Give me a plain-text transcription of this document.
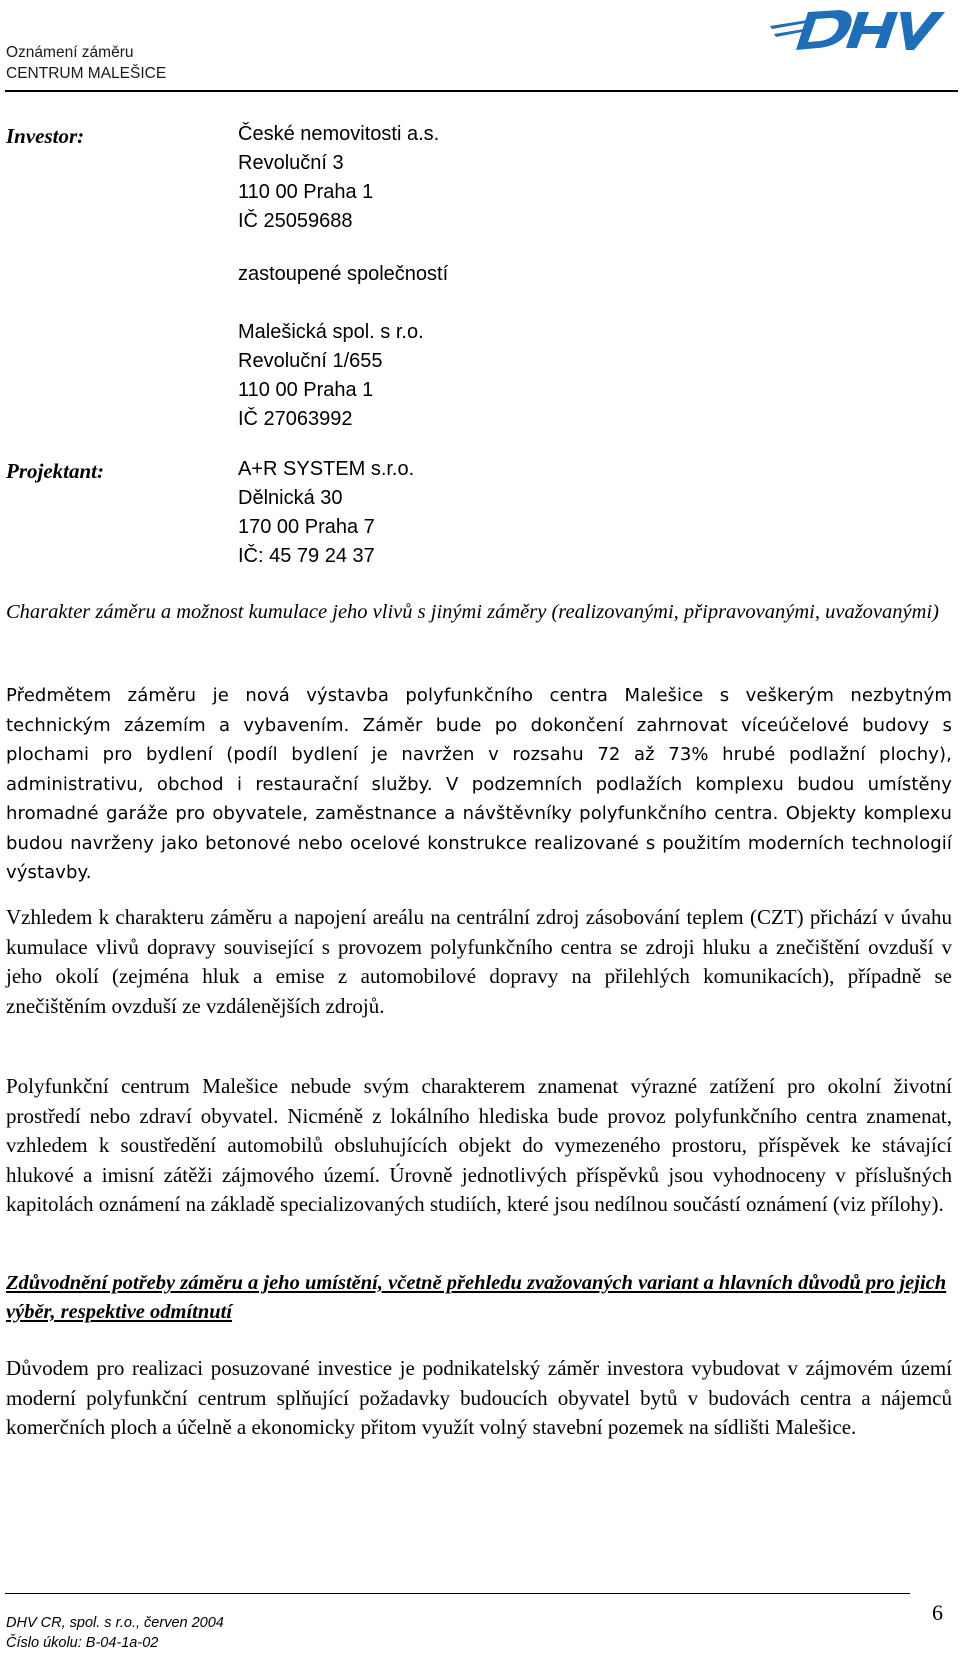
Oznámení záměru
CENTRUM MALEŠICE
Investor:	České nemovitosti a.s.
Revoluční 3
110 00 Praha 1
IČ 25059688
zastoupené společností
Malešická spol. s r.o.
Revoluční 1/655
110 00 Praha 1
IČ 27063992
Projektant:	A+R SYSTEM s.r.o.
Dělnická 30
170 00 Praha 7
IČ: 45 79 24 37
Charakter záměru a možnost kumulace jeho vlivů s jinými záměry (realizovanými, připravovanými, uvažovanými)

Předmětem záměru je nová výstavba polyfunkčního centra Malešice s veškerým nezbytným technickým zázemím a vybavením. Záměr bude po dokončení zahrnovat víceúčelové budovy s plochami pro bydlení (podíl bydlení je navržen v rozsahu 72 až 73% hrubé podlažní plochy), administrativu, obchod i restaurační služby. V podzemních podlažích komplexu budou umístěny hromadné garáže pro obyvatele, zaměstnance a návštěvníky polyfunkčního centra. Objekty komplexu budou navrženy jako betonové nebo ocelové konstrukce realizované s použitím moderních technologií výstavby.

Vzhledem k charakteru záměru a napojení areálu na centrální zdroj zásobování teplem (CZT) přichází v úvahu kumulace vlivů dopravy související s provozem polyfunkčního centra se zdroji hluku a znečištění ovzduší v jeho okolí (zejména hluk a emise z automobilové dopravy na přilehlých komunikacích), případně se znečištěním ovzduší ze vzdálenějších zdrojů.

Polyfunkční centrum Malešice nebude svým charakterem znamenat výrazné zatížení pro okolní životní prostředí nebo zdraví obyvatel. Nicméně z lokálního hlediska bude provoz polyfunkčního centra znamenat, vzhledem k soustředění automobilů obsluhujících objekt do vymezeného prostoru, příspěvek ke stávající hlukové a imisní zátěži zájmového území. Úrovně jednotlivých příspěvků jsou vyhodnoceny v příslušných kapitolách oznámení na základě specializovaných studiích, které jsou nedílnou součástí oznámení (viz přílohy).

Zdůvodnění potřeby záměru a jeho umístění, včetně přehledu zvažovaných variant a hlavních důvodů pro jejich výběr, respektive odmítnutí

Důvodem pro realizaci posuzované investice je podnikatelský záměr investora vybudovat v zájmovém území moderní polyfunkční centrum splňující požadavky budoucích obyvatel bytů v budovách centra a nájemců komerčních ploch a účelně a ekonomicky přitom využít volný stavební pozemek na sídlišti Malešice.

DHV CR, spol. s r.o., červen 2004
Číslo úkolu: B-04-1a-02
6
